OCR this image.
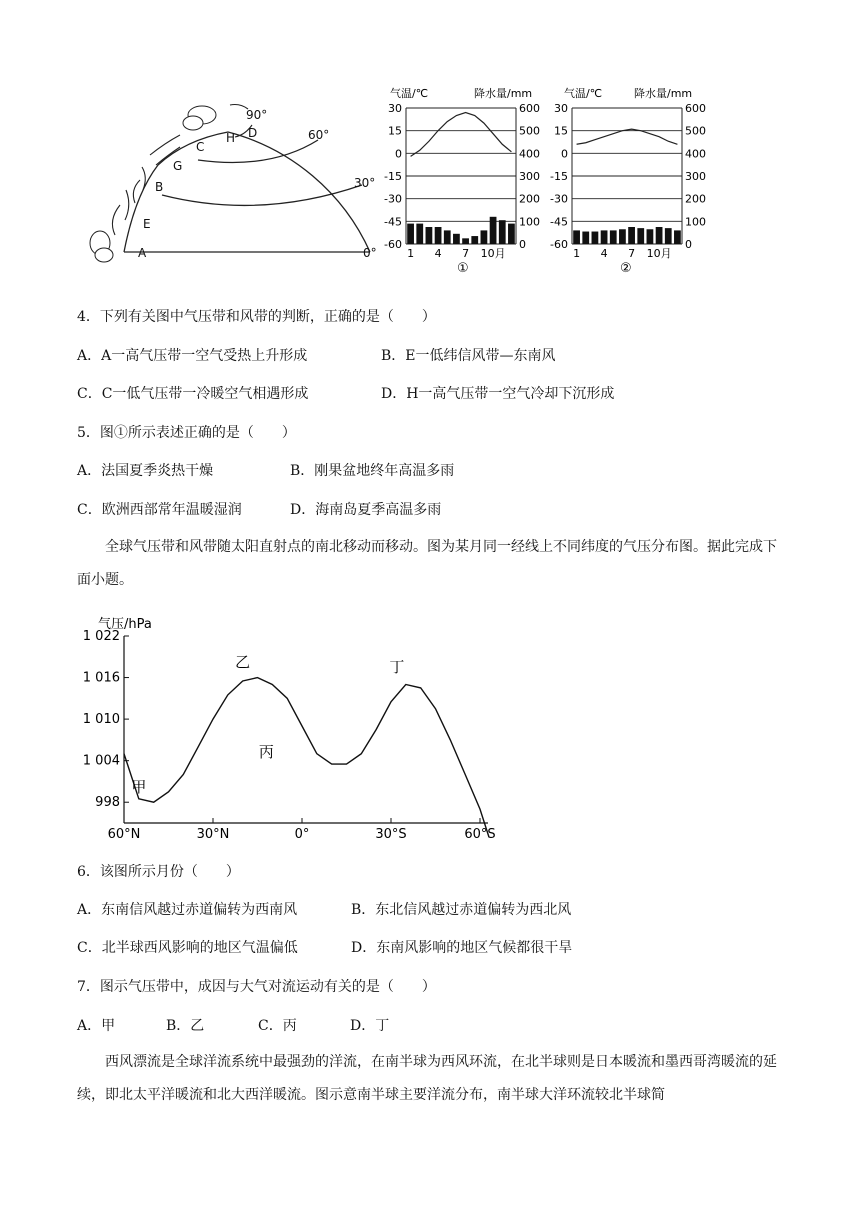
A
E
B
G
C
H D
90°
60°
30°
0°
气温/℃	降水量/mm
30	600
15	500
0	400
-15	300
-30	200
-45	100
-60	0
1 4 7 10月
①
气温/℃	降水量/mm
30	600
15	500
0	400
-15	300
-30	200
-45	100
-60	0
1 4 7 10月
②
4．下列有关图中气压带和风带的判断，正确的是（　　）
A．A一高气压带一空气受热上升形成	B．E一低纬信风带—东南风
C．C一低气压带一冷暖空气相遇形成	D．H一高气压带一空气冷却下沉形成
5．图①所示表述正确的是（　　）
A．法国夏季炎热干燥	B．刚果盆地终年高温多雨
C．欧洲西部常年温暖湿润	D．海南岛夏季高温多雨
全球气压带和风带随太阳直射点的南北移动而移动。图为某月同一经线上不同纬度的气压分布图。据此完成下面小题。
气压/hPa
1 022
1 016
1 010
1 004
998
60°N	30°N	0°	30°S	60°S
甲
乙
丙
丁
6．该图所示月份（　　）
A．东南信风越过赤道偏转为西南风	B．东北信风越过赤道偏转为西北风
C．北半球西风影响的地区气温偏低	D．东南风影响的地区气候都很干旱
7．图示气压带中，成因与大气对流运动有关的是（　　）
A．甲	B．乙	C．丙	D．丁
西风漂流是全球洋流系统中最强劲的洋流，在南半球为西风环流，在北半球则是日本暖流和墨西哥湾暖流的延续，即北太平洋暖流和北大西洋暖流。图示意南半球主要洋流分布，南半球大洋环流较北半球简
